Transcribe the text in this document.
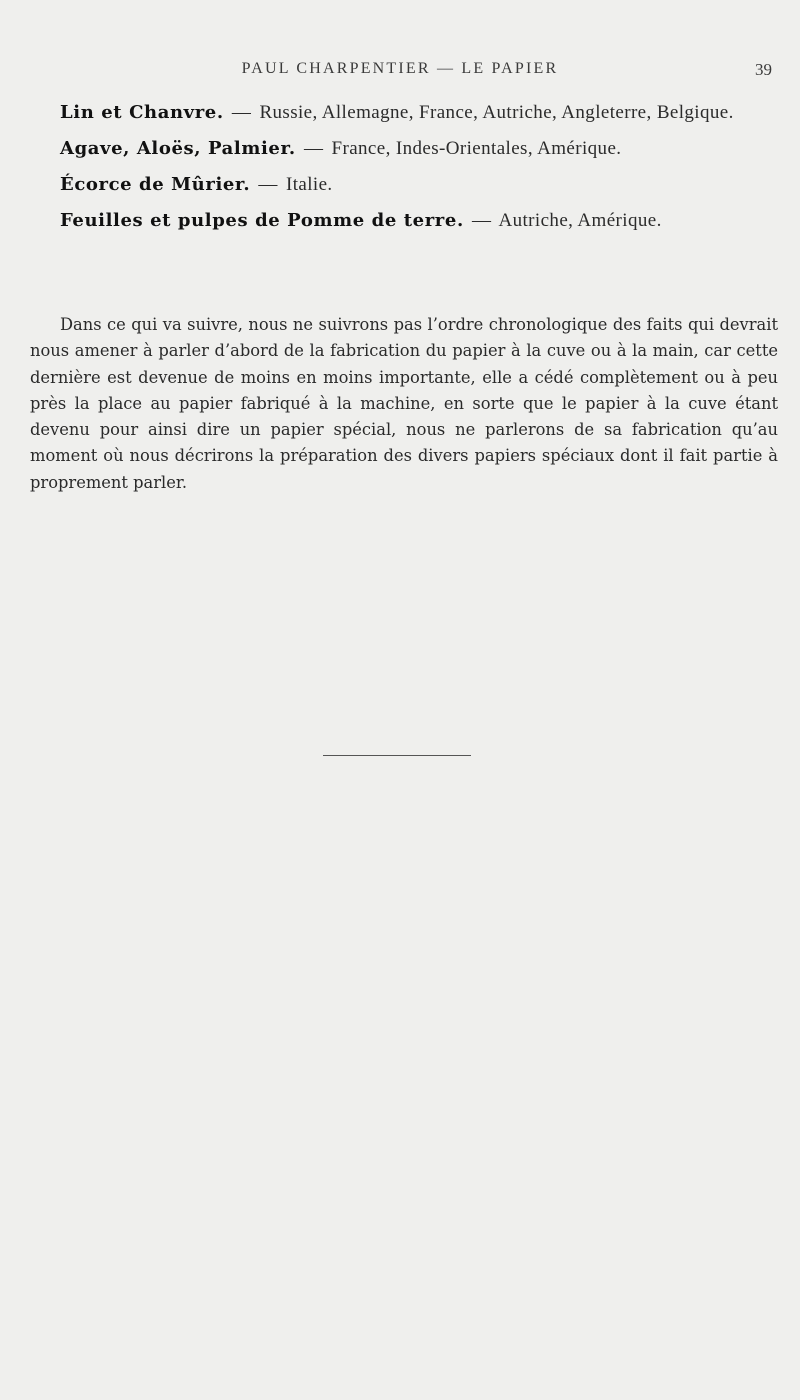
PAUL CHARPENTIER — LE PAPIER	39

Lin et Chanvre. — Russie, Allemagne, France, Autriche, Angleterre, Belgique.

Agave, Aloës, Palmier. — France, Indes-Orientales, Amérique.

Écorce de Mûrier. — Italie.

Feuilles et pulpes de Pomme de terre. — Autriche, Amérique.

Dans ce qui va suivre, nous ne suivrons pas l’ordre chronologique des faits qui devrait nous amener à parler d’abord de la fabrication du papier à la cuve ou à la main, car cette dernière est devenue de moins en moins importante, elle a cédé complètement ou à peu près la place au papier fabriqué à la machine, en sorte que le papier à la cuve étant devenu pour ainsi dire un papier spécial, nous ne parlerons de sa fabrication qu’au moment où nous décrirons la préparation des divers papiers spéciaux dont il fait partie à proprement parler.
